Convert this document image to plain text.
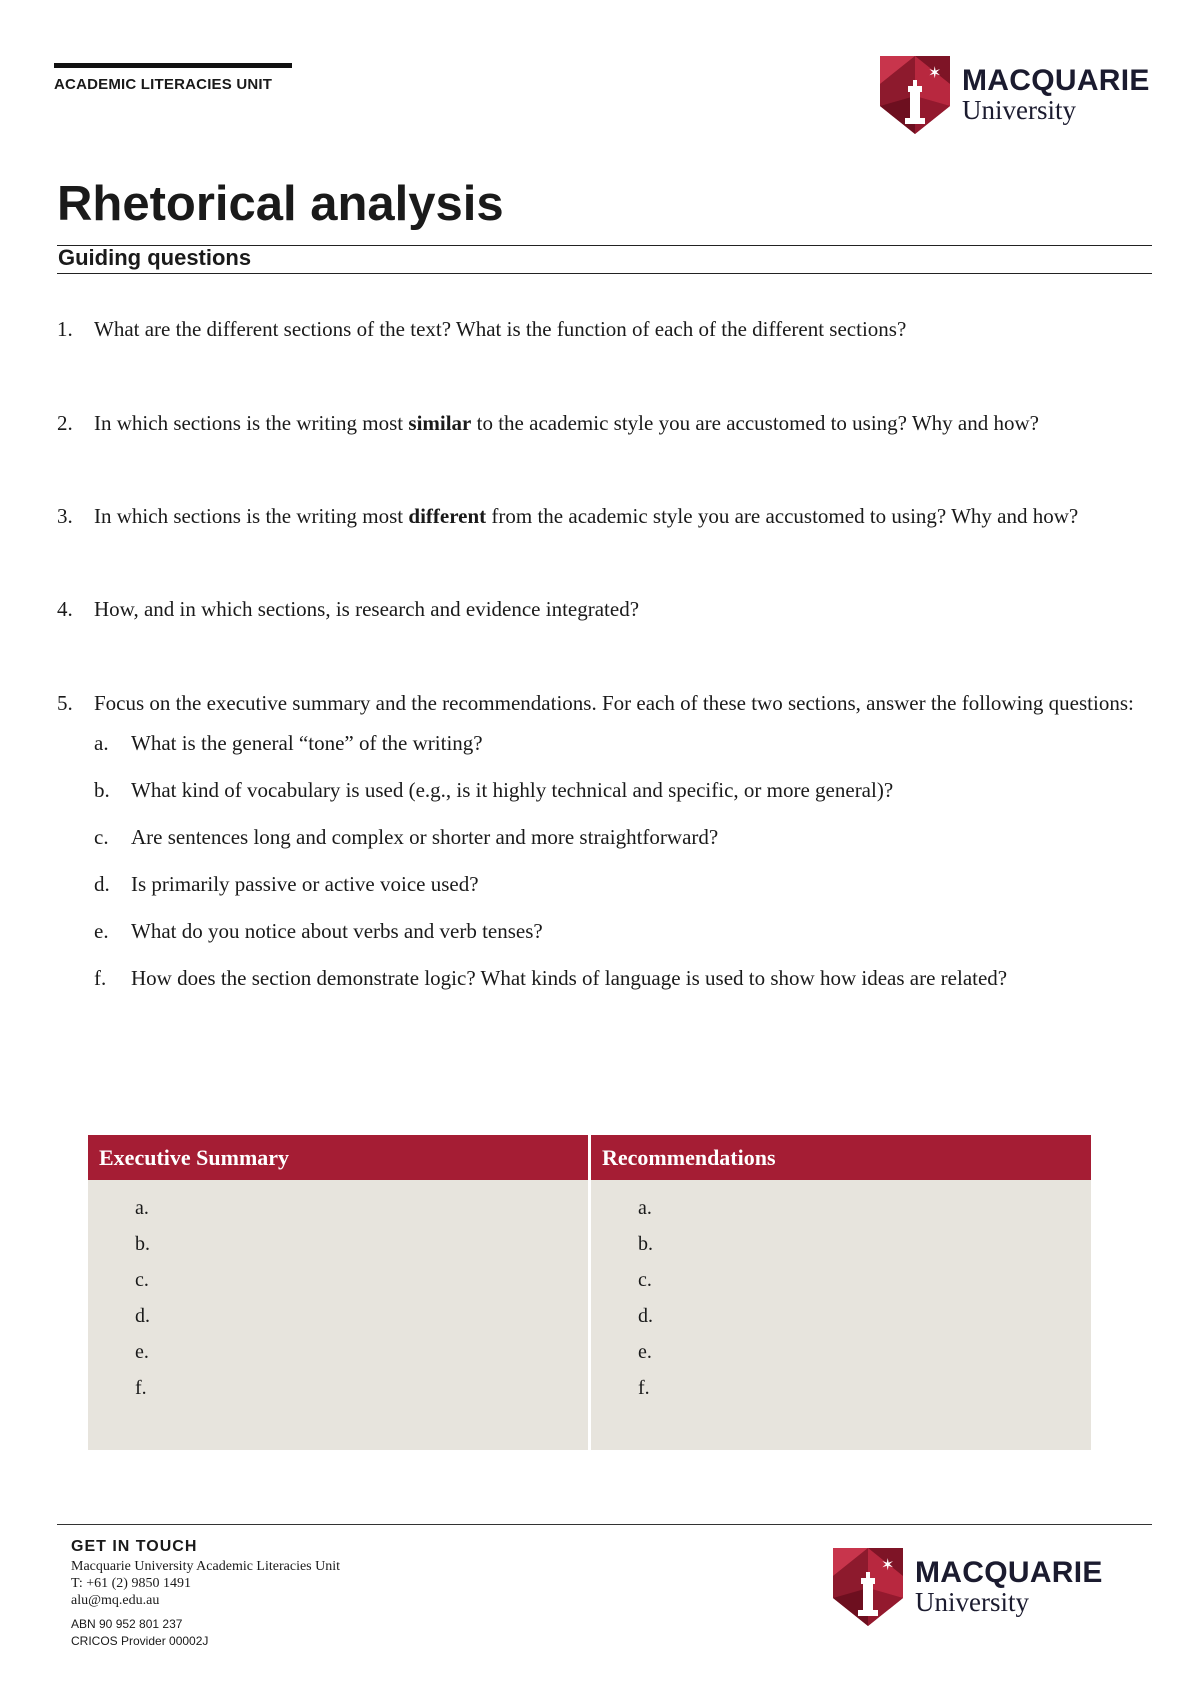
ACADEMIC LITERACIES UNIT
✶ MACQUARIE
University
Rhetorical analysis
Guiding questions
1. What are the different sections of the text? What is the function of each of the different sections?
2. In which sections is the writing most similar to the academic style you are accustomed to using? Why and how?
3. In which sections is the writing most different from the academic style you are accustomed to using? Why and how?
4. How, and in which sections, is research and evidence integrated?
5. Focus on the executive summary and the recommendations. For each of these two sections, answer the following questions:
a. What is the general “tone” of the writing?
b. What kind of vocabulary is used (e.g., is it highly technical and specific, or more general)?
c. Are sentences long and complex or shorter and more straightforward?
d. Is primarily passive or active voice used?
e. What do you notice about verbs and verb tenses?
f. How does the section demonstrate logic? What kinds of language is used to show how ideas are related?
Executive Summary
a.
b.
c.
d.
e.
f.
Recommendations
a.
b.
c.
d.
e.
f.
GET IN TOUCH
Macquarie University Academic Literacies Unit
T: +61 (2) 9850 1491
alu@mq.edu.au
ABN 90 952 801 237
CRICOS Provider 00002J
✶ MACQUARIE
University
